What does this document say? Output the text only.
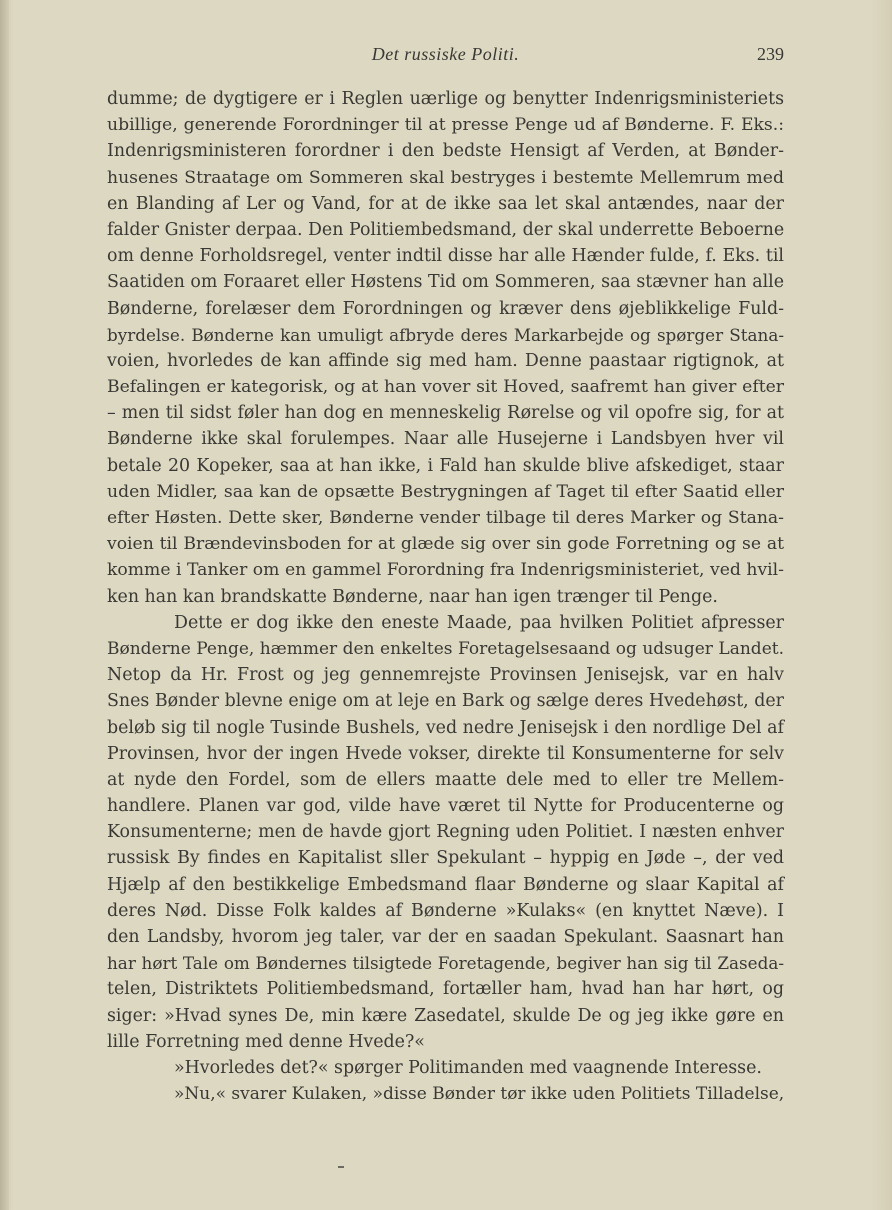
Det russiske Politi.	239
dumme; de dygtigere er i Reglen uærlige og benytter Indenrigsministeriets
ubillige, generende Forordninger til at presse Penge ud af Bønderne. F. Eks.:
Indenrigsministeren forordner i den bedste Hensigt af Verden, at Bønder-
husenes Straatage om Sommeren skal bestryges i bestemte Mellemrum med
en Blanding af Ler og Vand, for at de ikke saa let skal antændes, naar der
falder Gnister derpaa. Den Politiembedsmand, der skal underrette Beboerne
om denne Forholdsregel, venter indtil disse har alle Hænder fulde, f. Eks. til
Saatiden om Foraaret eller Høstens Tid om Sommeren, saa stævner han alle
Bønderne, forelæser dem Forordningen og kræver dens øjeblikkelige Fuld-
byrdelse. Bønderne kan umuligt afbryde deres Markarbejde og spørger Stana-
voien, hvorledes de kan affinde sig med ham. Denne paastaar rigtignok, at
Befalingen er kategorisk, og at han vover sit Hoved, saafremt han giver efter
– men til sidst føler han dog en menneskelig Rørelse og vil opofre sig, for at
Bønderne ikke skal forulempes. Naar alle Husejerne i Landsbyen hver vil
betale 20 Kopeker, saa at han ikke, i Fald han skulde blive afskediget, staar
uden Midler, saa kan de opsætte Bestrygningen af Taget til efter Saatid eller
efter Høsten. Dette sker, Bønderne vender tilbage til deres Marker og Stana-
voien til Brændevinsboden for at glæde sig over sin gode Forretning og se at
komme i Tanker om en gammel Forordning fra Indenrigsministeriet, ved hvil-
ken han kan brandskatte Bønderne, naar han igen trænger til Penge.
Dette er dog ikke den eneste Maade, paa hvilken Politiet afpresser
Bønderne Penge, hæmmer den enkeltes Foretagelsesaand og udsuger Landet.
Netop da Hr. Frost og jeg gennemrejste Provinsen Jenisejsk, var en halv
Snes Bønder blevne enige om at leje en Bark og sælge deres Hvedehøst, der
beløb sig til nogle Tusinde Bushels, ved nedre Jenisejsk i den nordlige Del af
Provinsen, hvor der ingen Hvede vokser, direkte til Konsumenterne for selv
at nyde den Fordel, som de ellers maatte dele med to eller tre Mellem-
handlere. Planen var god, vilde have været til Nytte for Producenterne og
Konsumenterne; men de havde gjort Regning uden Politiet. I næsten enhver
russisk By findes en Kapitalist sller Spekulant – hyppig en Jøde –, der ved
Hjælp af den bestikkelige Embedsmand flaar Bønderne og slaar Kapital af
deres Nød. Disse Folk kaldes af Bønderne »Kulaks« (en knyttet Næve). I
den Landsby, hvorom jeg taler, var der en saadan Spekulant. Saasnart han
har hørt Tale om Bøndernes tilsigtede Foretagende, begiver han sig til Zaseda-
telen, Distriktets Politiembedsmand, fortæller ham, hvad han har hørt, og
siger: »Hvad synes De, min kære Zasedatel, skulde De og jeg ikke gøre en
lille Forretning med denne Hvede?«
»Hvorledes det?« spørger Politimanden med vaagnende Interesse.
»Nu,« svarer Kulaken, »disse Bønder tør ikke uden Politiets Tilladelse,
